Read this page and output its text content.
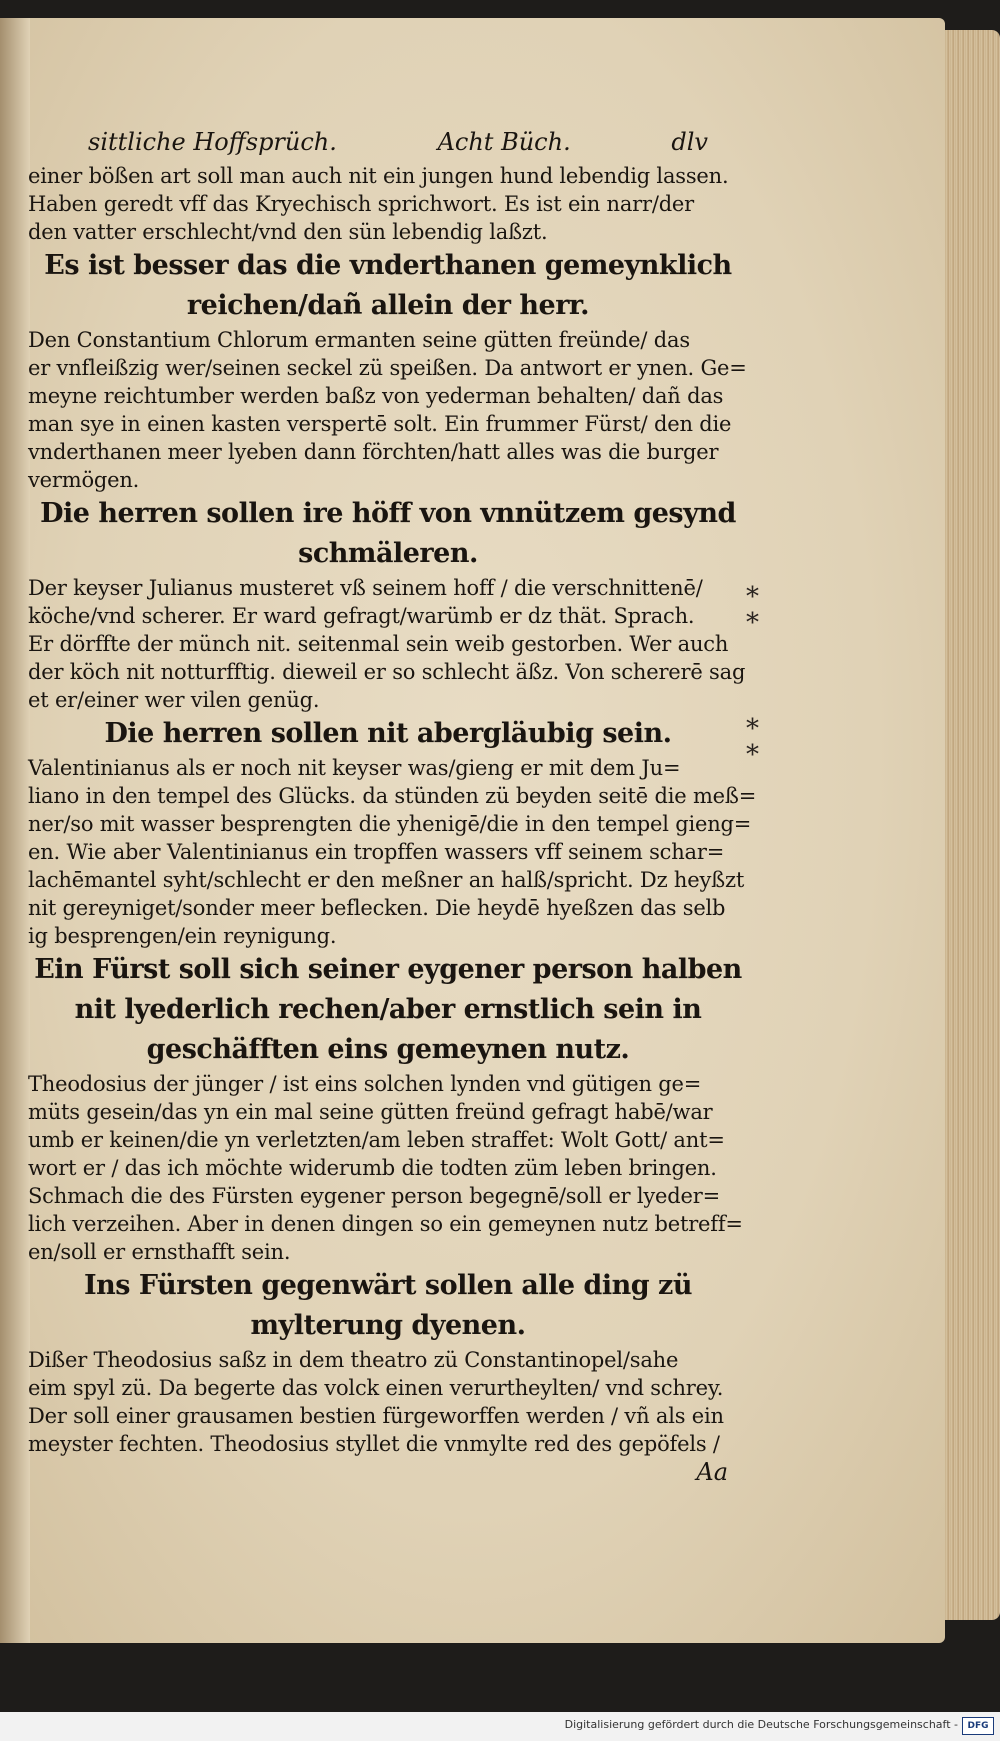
sittliche Hoffsprüch.	Acht Büch.	dlv
einer bößen art soll man auch nit ein jungen hund lebendig lassen.
Haben geredt vff das Kryechisch sprichwort. Es ist ein narr/der
den vatter erschlecht/vnd den sün lebendig laßzt.
Es ist besser das die vnderthanen gemeynklich
reichen/dañ allein der herr.
Den Constantium Chlorum ermanten seine gütten freünde/ das
er vnfleißzig wer/seinen seckel zü speißen. Da antwort er ynen. Ge=
meyne reichtumber werden baßz von yederman behalten/ dañ das
man sye in einen kasten verspertē solt. Ein frummer Fürst/ den die
vnderthanen meer lyeben dann förchten/hatt alles was die burger
vermögen.
Die herren sollen ire höff von vnnützem gesynd
schmäleren.
Der keyser Julianus musteret vß seinem hoff / die verschnittenē/
köche/vnd scherer. Er ward gefragt/warümb er dz thät. Sprach.
Er dörffte der münch nit. seitenmal sein weib gestorben. Wer auch
der köch nit notturfftig. dieweil er so schlecht äßz. Von schererē sag
et er/einer wer vilen genüg.
Die herren sollen nit abergläubig sein.
Valentinianus als er noch nit keyser was/gieng er mit dem Ju=
liano in den tempel des Glücks. da stünden zü beyden seitē die meß=
ner/so mit wasser besprengten die yhenigē/die in den tempel gieng=
en. Wie aber Valentinianus ein tropffen wassers vff seinem schar=
lachēmantel syht/schlecht er den meßner an halß/spricht. Dz heyßzt
nit gereyniget/sonder meer beflecken. Die heydē hyeßzen das selb
ig besprengen/ein reynigung.
Ein Fürst soll sich seiner eygener person halben
nit lyederlich rechen/aber ernstlich sein in
geschäfften eins gemeynen nutz.
Theodosius der jünger / ist eins solchen lynden vnd gütigen ge=
müts gesein/das yn ein mal seine gütten freünd gefragt habē/war
umb er keinen/die yn verletzten/am leben straffet: Wolt Gott/ ant=
wort er / das ich möchte widerumb die todten züm leben bringen.
Schmach die des Fürsten eygener person begegnē/soll er lyeder=
lich verzeihen. Aber in denen dingen so ein gemeynen nutz betreff=
en/soll er ernsthafft sein.
Ins Fürsten gegenwärt sollen alle ding zü
mylterung dyenen.
Dißer Theodosius saßz in dem theatro zü Constantinopel/sahe
eim spyl zü. Da begerte das volck einen verurtheylten/ vnd schrey.
Der soll einer grausamen bestien fürgeworffen werden / vñ als ein
meyster fechten. Theodosius styllet die vnmylte red des gepöfels /
Aa
*
*
*
*
Digitalisierung gefördert durch die Deutsche Forschungsgemeinschaft -	DFG
